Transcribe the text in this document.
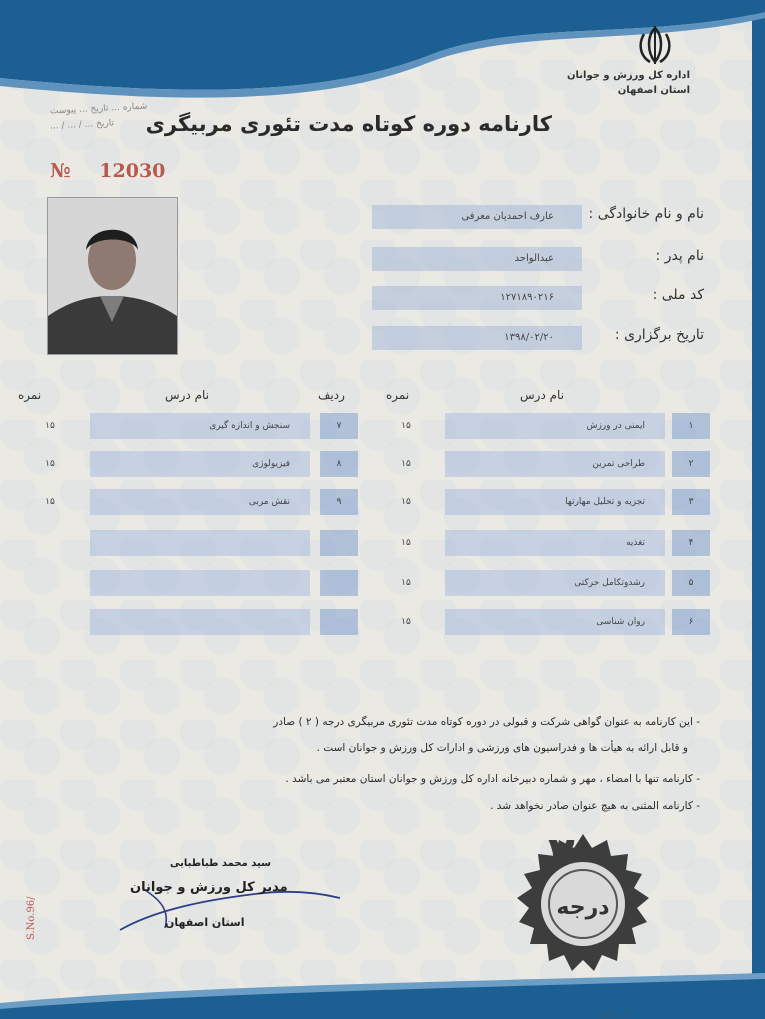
اداره کل ورزش و جوانان
استان اصفهان
شماره ... تاریخ ... پیوست
تاریخ ... / ... / ... کارنامه دوره کوتاه مدت تئوری مربیگری
№ 12030
نام و نام خانوادگی :
عارف احمدیان معرفی
نام پدر :
عبدالواحد
کد ملی :
۱۲۷۱۸۹۰۲۱۶
تاریخ برگزاری :
۱۳۹۸/۰۲/۲۰
نام درس
نمره
ردیف
نام درس
نمره
۱
ایمنی در ورزش
۱۵
۲
طراحی تمرین
۱۵
۳
تجزیه و تحلیل مهارتها
۱۵
۴
تغذیه
۱۵
۵
رشدوتکامل حرکتی
۱۵
۶
روان شناسی
۱۵
۷
سنجش و اندازه گیری
۱۵
۸
فیزیولوژی
۱۵
۹
نقش مربی
۱۵
- این کارنامه به عنوان گواهی شرکت و قبولی در دوره کوتاه مدت تئوری مربیگری درجه ( ۲ ) صادر
و قابل ارائه به هیأت ها و فدراسیون های ورزشی و ادارات کل ورزش و جوانان است .
- کارنامه تنها با امضاء ، مهر و شماره دبیرخانه اداره کل ورزش و جوانان استان معتبر می باشد .
- کارنامه المثنی به هیچ عنوان صادر نخواهد شد .
۲
درجه
سید محمد طباطبایی
مدیر کل ورزش و جوانان
استان اصفهان
S.No.96/
۱۱ ۱۱۰ ۱
